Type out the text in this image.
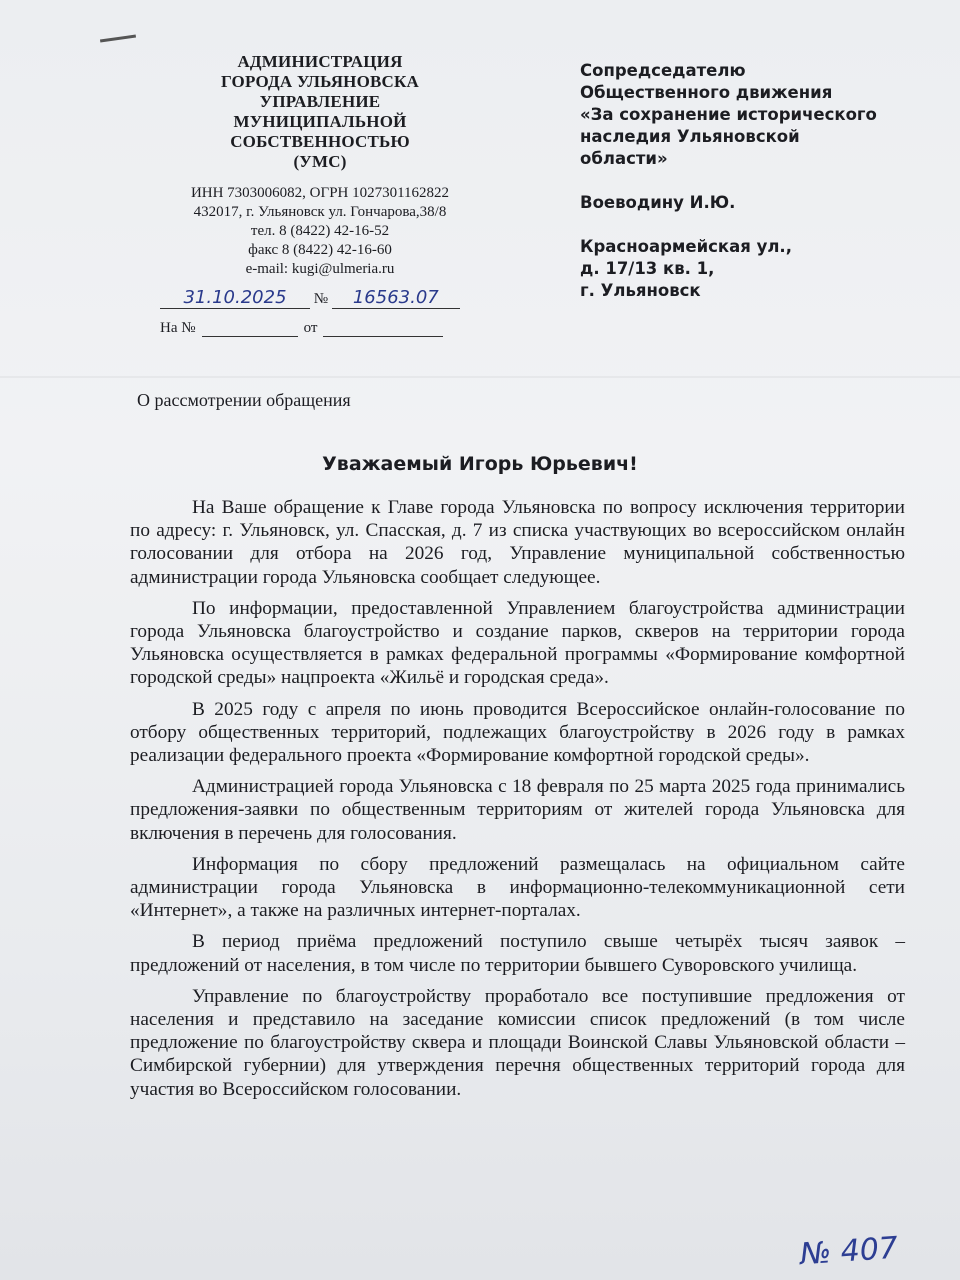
АДМИНИСТРАЦИЯ
ГОРОДА УЛЬЯНОВСКА
УПРАВЛЕНИЕ
МУНИЦИПАЛЬНОЙ
СОБСТВЕННОСТЬЮ
(УМС)
ИНН 7303006082, ОГРН 1027301162822
432017, г. Ульяновск ул. Гончарова,38/8
тел. 8 (8422) 42-16-52
факс 8 (8422) 42-16-60
e-mail: kugi@ulmeria.ru
31.10.2025 № 16563.07
На №	от
Сопредседателю
Общественного движения
«За сохранение исторического
наследия Ульяновской
области»
Воеводину И.Ю.
Красноармейская ул.,
д. 17/13 кв. 1,
г. Ульяновск
О рассмотрении обращения
Уважаемый Игорь Юрьевич!

На Ваше обращение к Главе города Ульяновска по вопросу исключения территории по адресу: г. Ульяновск, ул. Спасская, д. 7 из списка участвующих во всероссийском онлайн голосовании для отбора на 2026 год, Управление муниципальной собственностью администрации города Ульяновска сообщает следующее.

По информации, предоставленной Управлением благоустройства администрации города Ульяновска благоустройство и создание парков, скверов на территории города Ульяновска осуществляется в рамках федеральной программы «Формирование комфортной городской среды» нацпроекта «Жильё и городская среда».

В 2025 году с апреля по июнь проводится Всероссийское онлайн-голосование по отбору общественных территорий, подлежащих благоустройству в 2026 году в рамках реализации федерального проекта «Формирование комфортной городской среды».

Администрацией города Ульяновска с 18 февраля по 25 марта 2025 года принимались предложения-заявки по общественным территориям от жителей города Ульяновска для включения в перечень для голосования.

Информация по сбору предложений размещалась на официальном сайте администрации города Ульяновска в информационно-телекоммуникационной сети «Интернет», а также на различных интернет-порталах.

В период приёма предложений поступило свыше четырёх тысяч заявок – предложений от населения, в том числе по территории бывшего Суворовского училища.

Управление по благоустройству проработало все поступившие предложения от населения и представило на заседание комиссии список предложений (в том числе предложение по благоустройству сквера и площади Воинской Славы Ульяновской области – Симбирской губернии) для утверждения перечня общественных территорий города для участия во Всероссийском голосовании.

№ 407
